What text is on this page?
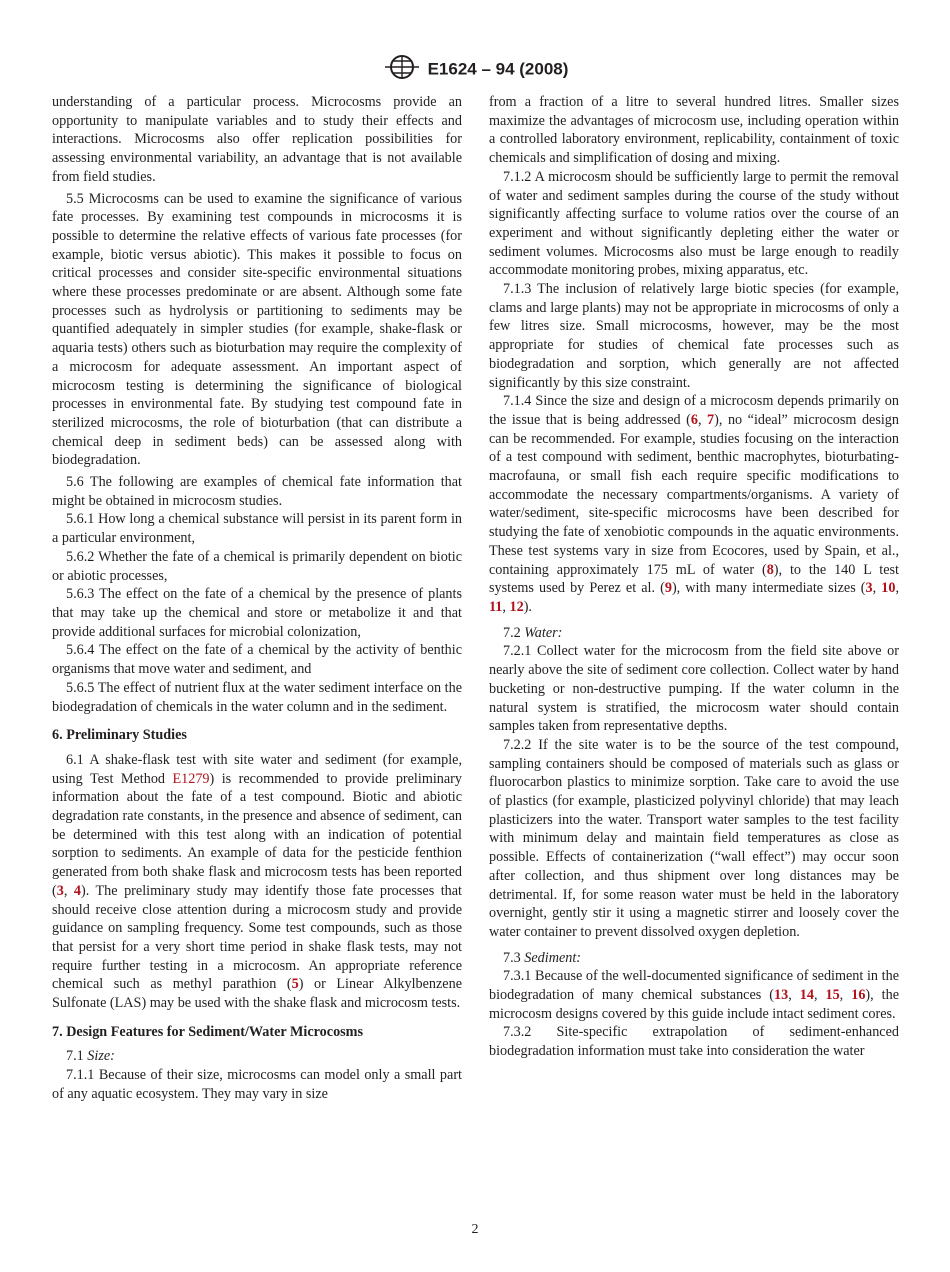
E1624 – 94 (2008)

understanding of a particular process. Microcosms provide an opportunity to manipulate variables and to study their effects and interactions. Microcosms also offer replication possibilities for assessing environmental variability, an advantage that is not available from field studies.

5.5 Microcosms can be used to examine the significance of various fate processes. By examining test compounds in microcosms it is possible to determine the relative effects of various fate processes (for example, biotic versus abiotic). This makes it possible to focus on critical processes and consider site-specific environmental situations where these processes predominate or are absent. Although some fate processes such as hydrolysis or partitioning to sediments may be quantified adequately in simpler studies (for example, shake-flask or aquaria tests) others such as bioturbation may require the complexity of a microcosm for adequate assessment. An important aspect of microcosm testing is determining the significance of biological processes in environmental fate. By studying test compound fate in sterilized microcosms, the role of bioturbation (that can distribute a chemical deep in sediment beds) can be assessed along with biodegradation.

5.6 The following are examples of chemical fate information that might be obtained in microcosm studies.

5.6.1 How long a chemical substance will persist in its parent form in a particular environment,

5.6.2 Whether the fate of a chemical is primarily dependent on biotic or abiotic processes,

5.6.3 The effect on the fate of a chemical by the presence of plants that may take up the chemical and store or metabolize it and that provide additional surfaces for microbial colonization,

5.6.4 The effect on the fate of a chemical by the activity of benthic organisms that move water and sediment, and

5.6.5 The effect of nutrient flux at the water sediment interface on the biodegradation of chemicals in the water column and in the sediment.

6. Preliminary Studies

6.1 A shake-flask test with site water and sediment (for example, using Test Method E1279) is recommended to provide preliminary information about the fate of a test compound. Biotic and abiotic degradation rate constants, in the presence and absence of sediment, can be determined with this test along with an indication of potential sorption to sediments. An example of data for the pesticide fenthion generated from both shake flask and microcosm tests has been reported (3, 4). The preliminary study may identify those fate processes that should receive close attention during a microcosm study and provide guidance on sampling frequency. Some test compounds, such as those that persist for a very short time period in shake flask tests, may not require further testing in a microcosm. An appropriate reference chemical such as methyl parathion (5) or Linear Alkylbenzene Sulfonate (LAS) may be used with the shake flask and microcosm tests.

7. Design Features for Sediment/Water Microcosms

7.1 Size:

7.1.1 Because of their size, microcosms can model only a small part of any aquatic ecosystem. They may vary in size

from a fraction of a litre to several hundred litres. Smaller sizes maximize the advantages of microcosm use, including operation within a controlled laboratory environment, replicability, containment of toxic chemicals and simplification of dosing and mixing.

7.1.2 A microcosm should be sufficiently large to permit the removal of water and sediment samples during the course of the study without significantly affecting surface to volume ratios over the course of an experiment and without significantly depleting either the water or sediment volumes. Microcosms also must be large enough to readily accommodate monitoring probes, mixing apparatus, etc.

7.1.3 The inclusion of relatively large biotic species (for example, clams and large plants) may not be appropriate in microcosms of only a few litres size. Small microcosms, however, may be the most appropriate for studies of chemical fate processes such as biodegradation and sorption, which generally are not affected significantly by this size constraint.

7.1.4 Since the size and design of a microcosm depends primarily on the issue that is being addressed (6, 7), no “ideal” microcosm design can be recommended. For example, studies focusing on the interaction of a test compound with sediment, benthic macrophytes, bioturbating-macrofauna, or small fish each require specific modifications to accommodate the necessary compartments/organisms. A variety of water/sediment, site-specific microcosms have been described for studying the fate of xenobiotic compounds in the aquatic environments. These test systems vary in size from Ecocores, used by Spain, et al., containing approximately 175 mL of water (8), to the 140 L test systems used by Perez et al. (9), with many intermediate sizes (3, 10, 11, 12).

7.2 Water:

7.2.1 Collect water for the microcosm from the field site above or nearly above the site of sediment core collection. Collect water by hand bucketing or non-destructive pumping. If the water column in the natural system is stratified, the microcosm water should contain samples taken from representative depths.

7.2.2 If the site water is to be the source of the test compound, sampling containers should be composed of materials such as glass or fluorocarbon plastics to minimize sorption. Take care to avoid the use of plastics (for example, plasticized polyvinyl chloride) that may leach plasticizers into the water. Transport water samples to the test facility with minimum delay and maintain field temperatures as close as possible. Effects of containerization (“wall effect”) may occur soon after collection, and thus shipment over long distances may be detrimental. If, for some reason water must be held in the laboratory overnight, gently stir it using a magnetic stirrer and loosely cover the water container to prevent dissolved oxygen depletion.

7.3 Sediment:

7.3.1 Because of the well-documented significance of sediment in the biodegradation of many chemical substances (13, 14, 15, 16), the microcosm designs covered by this guide include intact sediment cores.

7.3.2 Site-specific extrapolation of sediment-enhanced biodegradation information must take into consideration the water

2
